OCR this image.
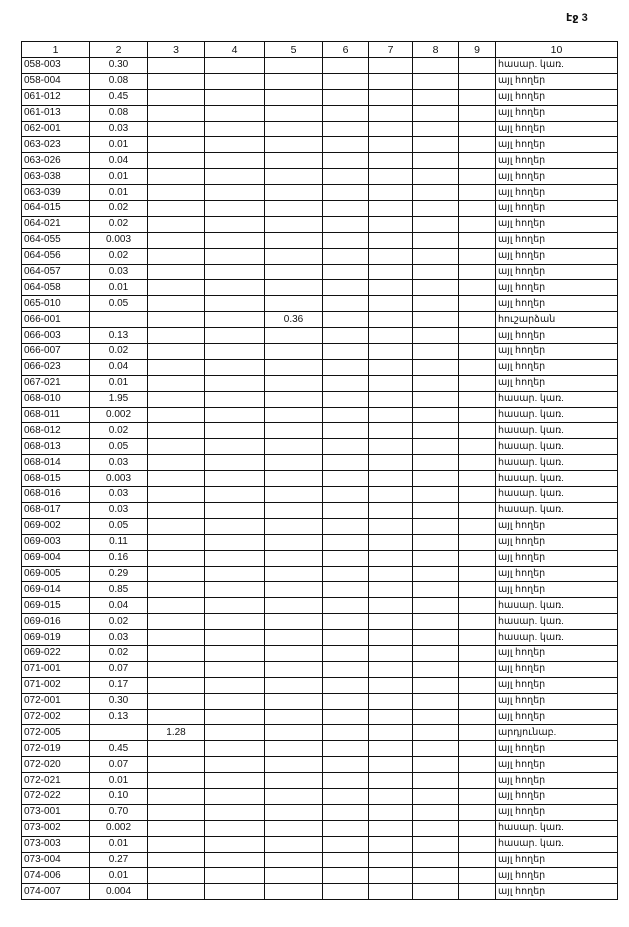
էջ 3
1	2	3	4	5	6	7	8	9	10
058-003	0.30								հասար. կառ.
058-004	0.08								այլ հողեր
061-012	0.45								այլ հողեր
061-013	0.08								այլ հողեր
062-001	0.03								այլ հողեր
063-023	0.01								այլ հողեր
063-026	0.04								այլ հողեր
063-038	0.01								այլ հողեր
063-039	0.01								այլ հողեր
064-015	0.02								այլ հողեր
064-021	0.02								այլ հողեր
064-055	0.003								այլ հողեր
064-056	0.02								այլ հողեր
064-057	0.03								այլ հողեր
064-058	0.01								այլ հողեր
065-010	0.05								այլ հողեր
066-001				0.36					հուշարձան
066-003	0.13								այլ հողեր
066-007	0.02								այլ հողեր
066-023	0.04								այլ հողեր
067-021	0.01								այլ հողեր
068-010	1.95								հասար. կառ.
068-011	0.002								հասար. կառ.
068-012	0.02								հասար. կառ.
068-013	0.05								հասար. կառ.
068-014	0.03								հասար. կառ.
068-015	0.003								հասար. կառ.
068-016	0.03								հասար. կառ.
068-017	0.03								հասար. կառ.
069-002	0.05								այլ հողեր
069-003	0.11								այլ հողեր
069-004	0.16								այլ հողեր
069-005	0.29								այլ հողեր
069-014	0.85								այլ հողեր
069-015	0.04								հասար. կառ.
069-016	0.02								հասար. կառ.
069-019	0.03								հասար. կառ.
069-022	0.02								այլ հողեր
071-001	0.07								այլ հողեր
071-002	0.17								այլ հողեր
072-001	0.30								այլ հողեր
072-002	0.13								այլ հողեր
072-005		1.28							արդյունաբ.
072-019	0.45								այլ հողեր
072-020	0.07								այլ հողեր
072-021	0.01								այլ հողեր
072-022	0.10								այլ հողեր
073-001	0.70								այլ հողեր
073-002	0.002								հասար. կառ.
073-003	0.01								հասար. կառ.
073-004	0.27								այլ հողեր
074-006	0.01								այլ հողեր
074-007	0.004								այլ հողեր
